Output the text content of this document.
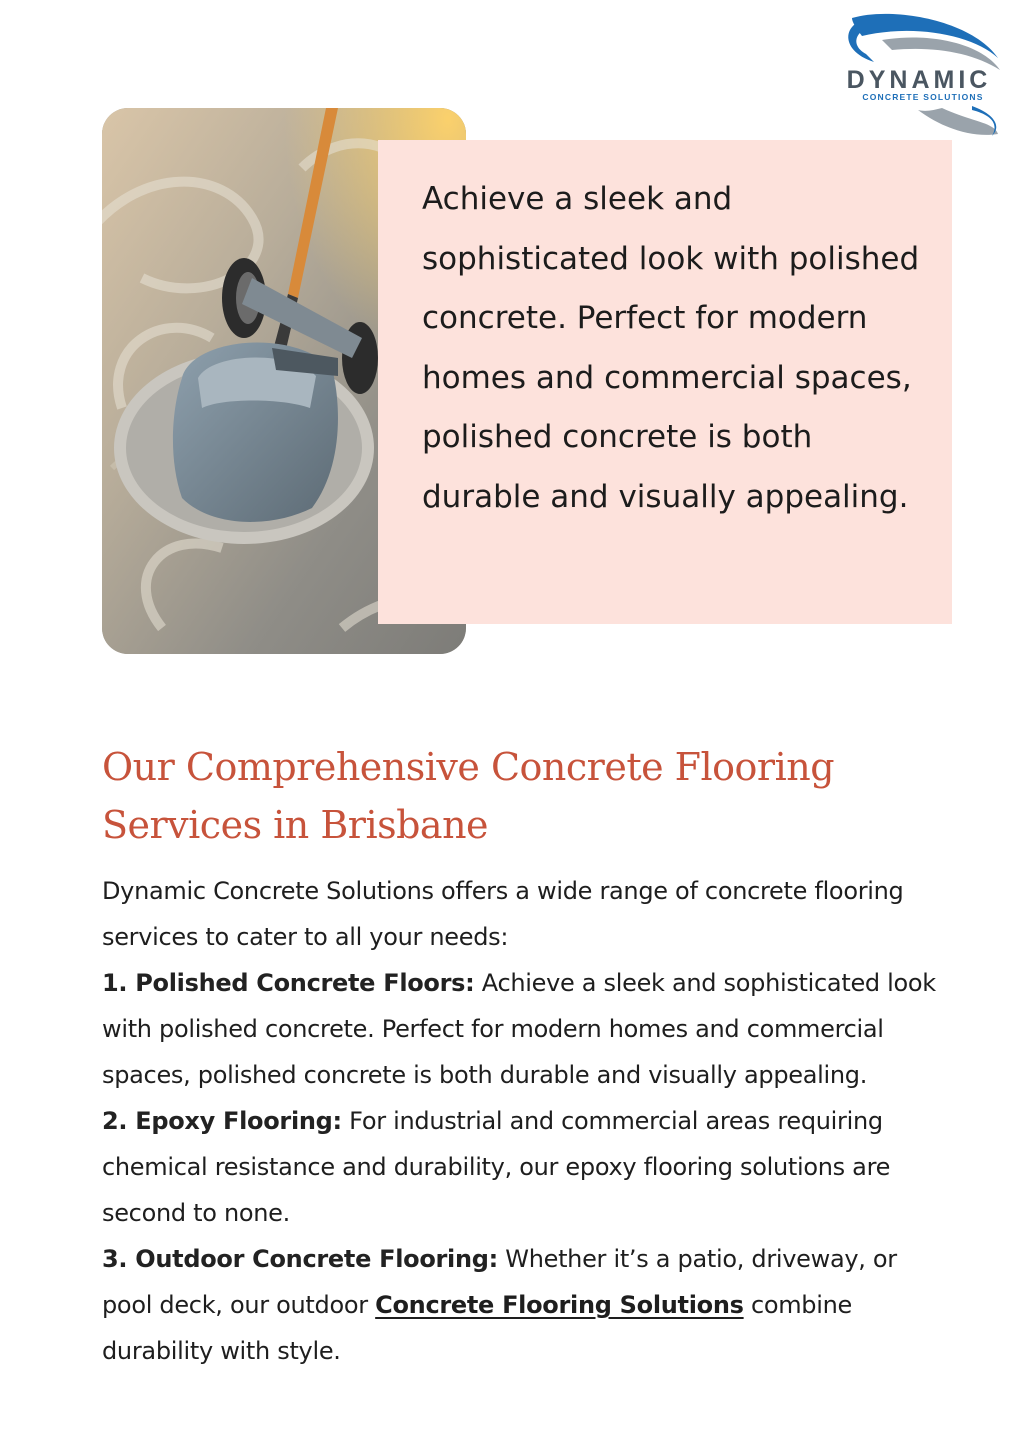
DYNAMIC
CONCRETE SOLUTIONS

Achieve a sleek and sophisticated look with polished concrete. Perfect for modern homes and commercial spaces, polished concrete is both durable and visually appealing.

Our Comprehensive Concrete Flooring Services in Brisbane

Dynamic Concrete Solutions offers a wide range of concrete flooring services to cater to all your needs:

1. Polished Concrete Floors: Achieve a sleek and sophisticated look with polished concrete. Perfect for modern homes and commercial spaces, polished concrete is both durable and visually appealing.

2. Epoxy Flooring: For industrial and commercial areas requiring chemical resistance and durability, our epoxy flooring solutions are second to none.

3. Outdoor Concrete Flooring: Whether it’s a patio, driveway, or pool deck, our outdoor Concrete Flooring Solutions combine durability with style.
